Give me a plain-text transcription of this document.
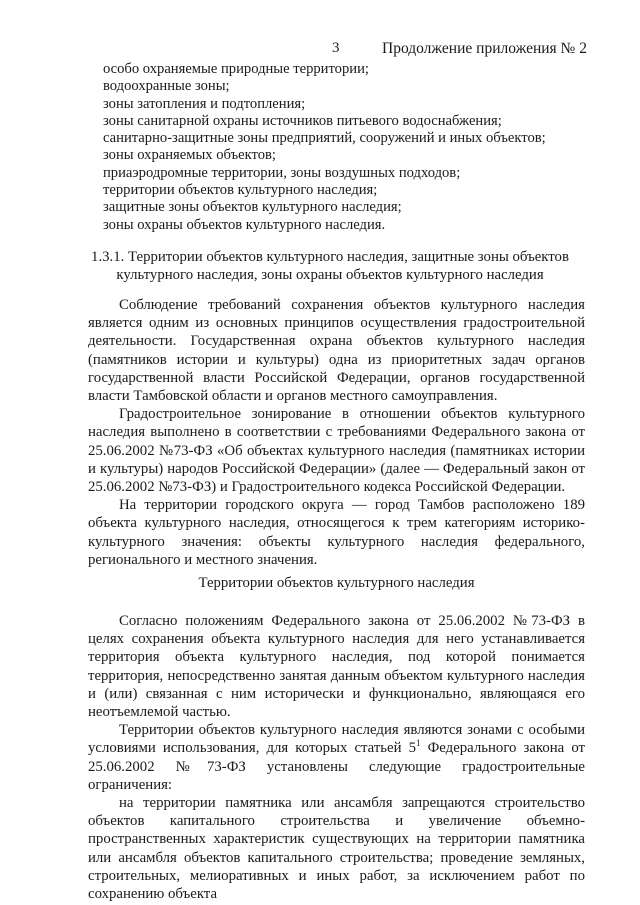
3	Продолжение приложения № 2
особо охраняемые природные территории;
водоохранные зоны;
зоны затопления и подтопления;
зоны санитарной охраны источников питьевого водоснабжения;
санитарно-защитные зоны предприятий, сооружений и иных объектов;
зоны охраняемых объектов;
приаэродромные территории, зоны воздушных подходов;
территории объектов культурного наследия;
защитные зоны объектов культурного наследия;
зоны охраны объектов культурного наследия.
1.3.1. Территории объектов культурного наследия, защитные зоны объектов
культурного наследия, зоны охраны объектов культурного наследия

Соблюдение требований сохранения объектов культурного наследия является одним из основных принципов осуществления градостроительной деятельности. Государственная охрана объектов культурного наследия (памятников истории и культуры) одна из приоритетных задач органов государственной власти Российской Федерации, органов государственной власти Тамбовской области и органов местного самоуправления.

Градостроительное зонирование в отношении объектов культурного наследия выполнено в соответствии с требованиями Федерального закона от 25.06.2002 №73-ФЗ «Об объектах культурного наследия (памятниках истории и культуры) народов Российской Федерации» (далее — Федеральный закон от 25.06.2002 №73-ФЗ) и Градостроительного кодекса Российской Федерации.

На территории городского округа — город Тамбов расположено 189 объекта культурного наследия, относящегося к трем категориям историко-культурного значения: объекты культурного наследия федерального, регионального и местного значения.

Территории объектов культурного наследия

Согласно положениям Федерального закона от 25.06.2002 №73-ФЗ в целях сохранения объекта культурного наследия для него устанавливается территория объекта культурного наследия, под которой понимается территория, непосредственно занятая данным объектом культурного наследия и (или) связанная с ним исторически и функционально, являющаяся его неотъемлемой частью.

Территории объектов культурного наследия являются зонами с особыми условиями использования, для которых статьей $5^1$ Федерального закона от 25.06.2002 №73-ФЗ установлены следующие градостроительные ограничения:

на территории памятника или ансамбля запрещаются строительство объектов капитального строительства и увеличение объемно-пространственных характеристик существующих на территории памятника или ансамбля объектов капитального строительства; проведение земляных, строительных, мелиоративных и иных работ, за исключением работ по сохранению объекта
